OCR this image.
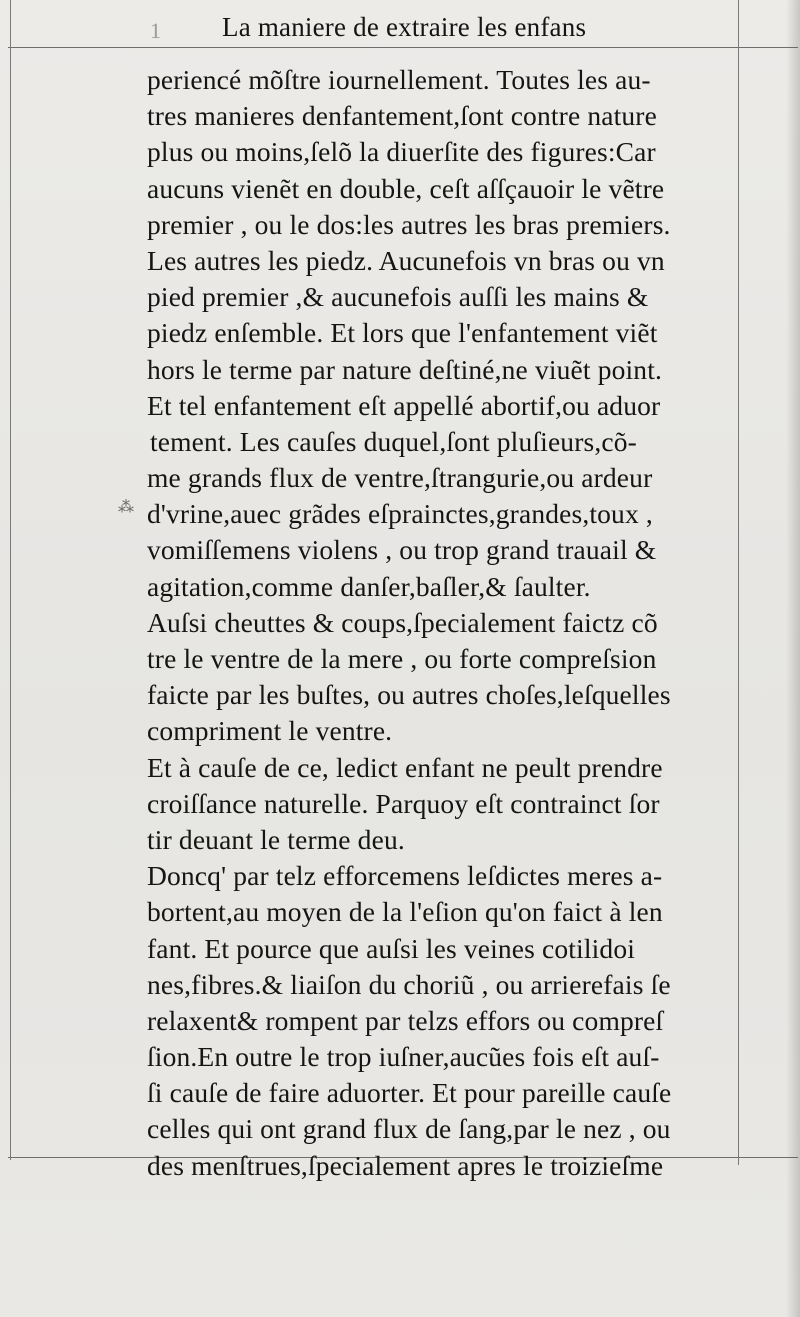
1 La maniere de extraire les enfans
⁂
periencé mõſtre iournellement. Toutes les au-
tres manieres denfantement,ſont contre nature
plus ou moins,ſelõ la diuerſite des figures:Car
aucuns vienẽt en double, ceſt aſſçauoir le vẽtre
premier , ou le dos:les autres les bras premiers.
Les autres les piedz. Aucunefois vn bras ou vn
pied premier ,& aucunefois auſſi les mains &
piedz enſemble. Et lors que l'enfantement viẽt
hors le terme par nature deſtiné,ne viuẽt point.
Et tel enfantement eſt appellé abortif,ou aduor
tement. Les cauſes duquel,ſont pluſieurs,cõ-
me grands flux de ventre,ſtrangurie,ou ardeur
d'vrine,auec grãdes eſprainctes,grandes,toux ,
vomiſſemens violens , ou trop grand trauail &
agitation,comme danſer,baſler,& ſaulter.
Auſsi cheuttes & coups,ſpecialement faictz cõ
tre le ventre de la mere , ou forte compreſsion
faicte par les buſtes, ou autres choſes,leſquelles
compriment le ventre.
Et à cauſe de ce, ledict enfant ne peult prendre
croiſſance naturelle. Parquoy eſt contrainct ſor
tir deuant le terme deu.
Doncq' par telz efforcemens leſdictes meres a-
bortent,au moyen de la l'eſion qu'on faict à len
fant. Et pource que auſsi les veines cotilidoi
nes,fibres.& liaiſon du choriũ , ou arrierefais ſe
relaxent& rompent par telzs effors ou compreſ
ſion.En outre le trop iuſner,aucũes fois eſt auſ-
ſi cauſe de faire aduorter. Et pour pareille cauſe
celles qui ont grand flux de ſang,par le nez , ou
des menſtrues,ſpecialement apres le troizieſme
